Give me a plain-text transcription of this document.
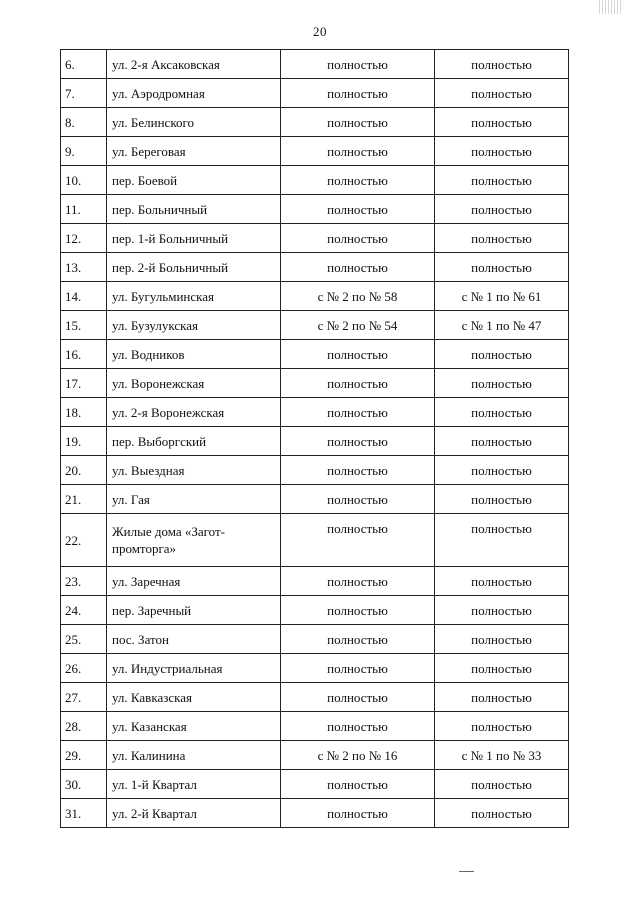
20
6.	ул. 2-я Аксаковская	полностью	полностью
7.	ул. Аэродромная	полностью	полностью
8.	ул. Белинского	полностью	полностью
9.	ул. Береговая	полностью	полностью
10.	пер. Боевой	полностью	полностью
11.	пер. Больничный	полностью	полностью
12.	пер. 1-й Больничный	полностью	полностью
13.	пер. 2-й Больничный	полностью	полностью
14.	ул. Бугульминская	с № 2 по № 58	с № 1 по № 61
15.	ул. Бузулукская	с № 2 по № 54	с № 1 по № 47
16.	ул. Водников	полностью	полностью
17.	ул. Воронежская	полностью	полностью
18.	ул. 2-я Воронежская	полностью	полностью
19.	пер. Выборгский	полностью	полностью
20.	ул. Выездная	полностью	полностью
21.	ул. Гая	полностью	полностью
22.	Жилые дома «Загот-промторга»	полностью	полностью
23.	ул. Заречная	полностью	полностью
24.	пер. Заречный	полностью	полностью
25.	пос. Затон	полностью	полностью
26.	ул. Индустриальная	полностью	полностью
27.	ул. Кавказская	полностью	полностью
28.	ул. Казанская	полностью	полностью
29.	ул. Калинина	с № 2 по № 16	с № 1 по № 33
30.	ул. 1-й Квартал	полностью	полностью
31.	ул. 2-й Квартал	полностью	полностью
